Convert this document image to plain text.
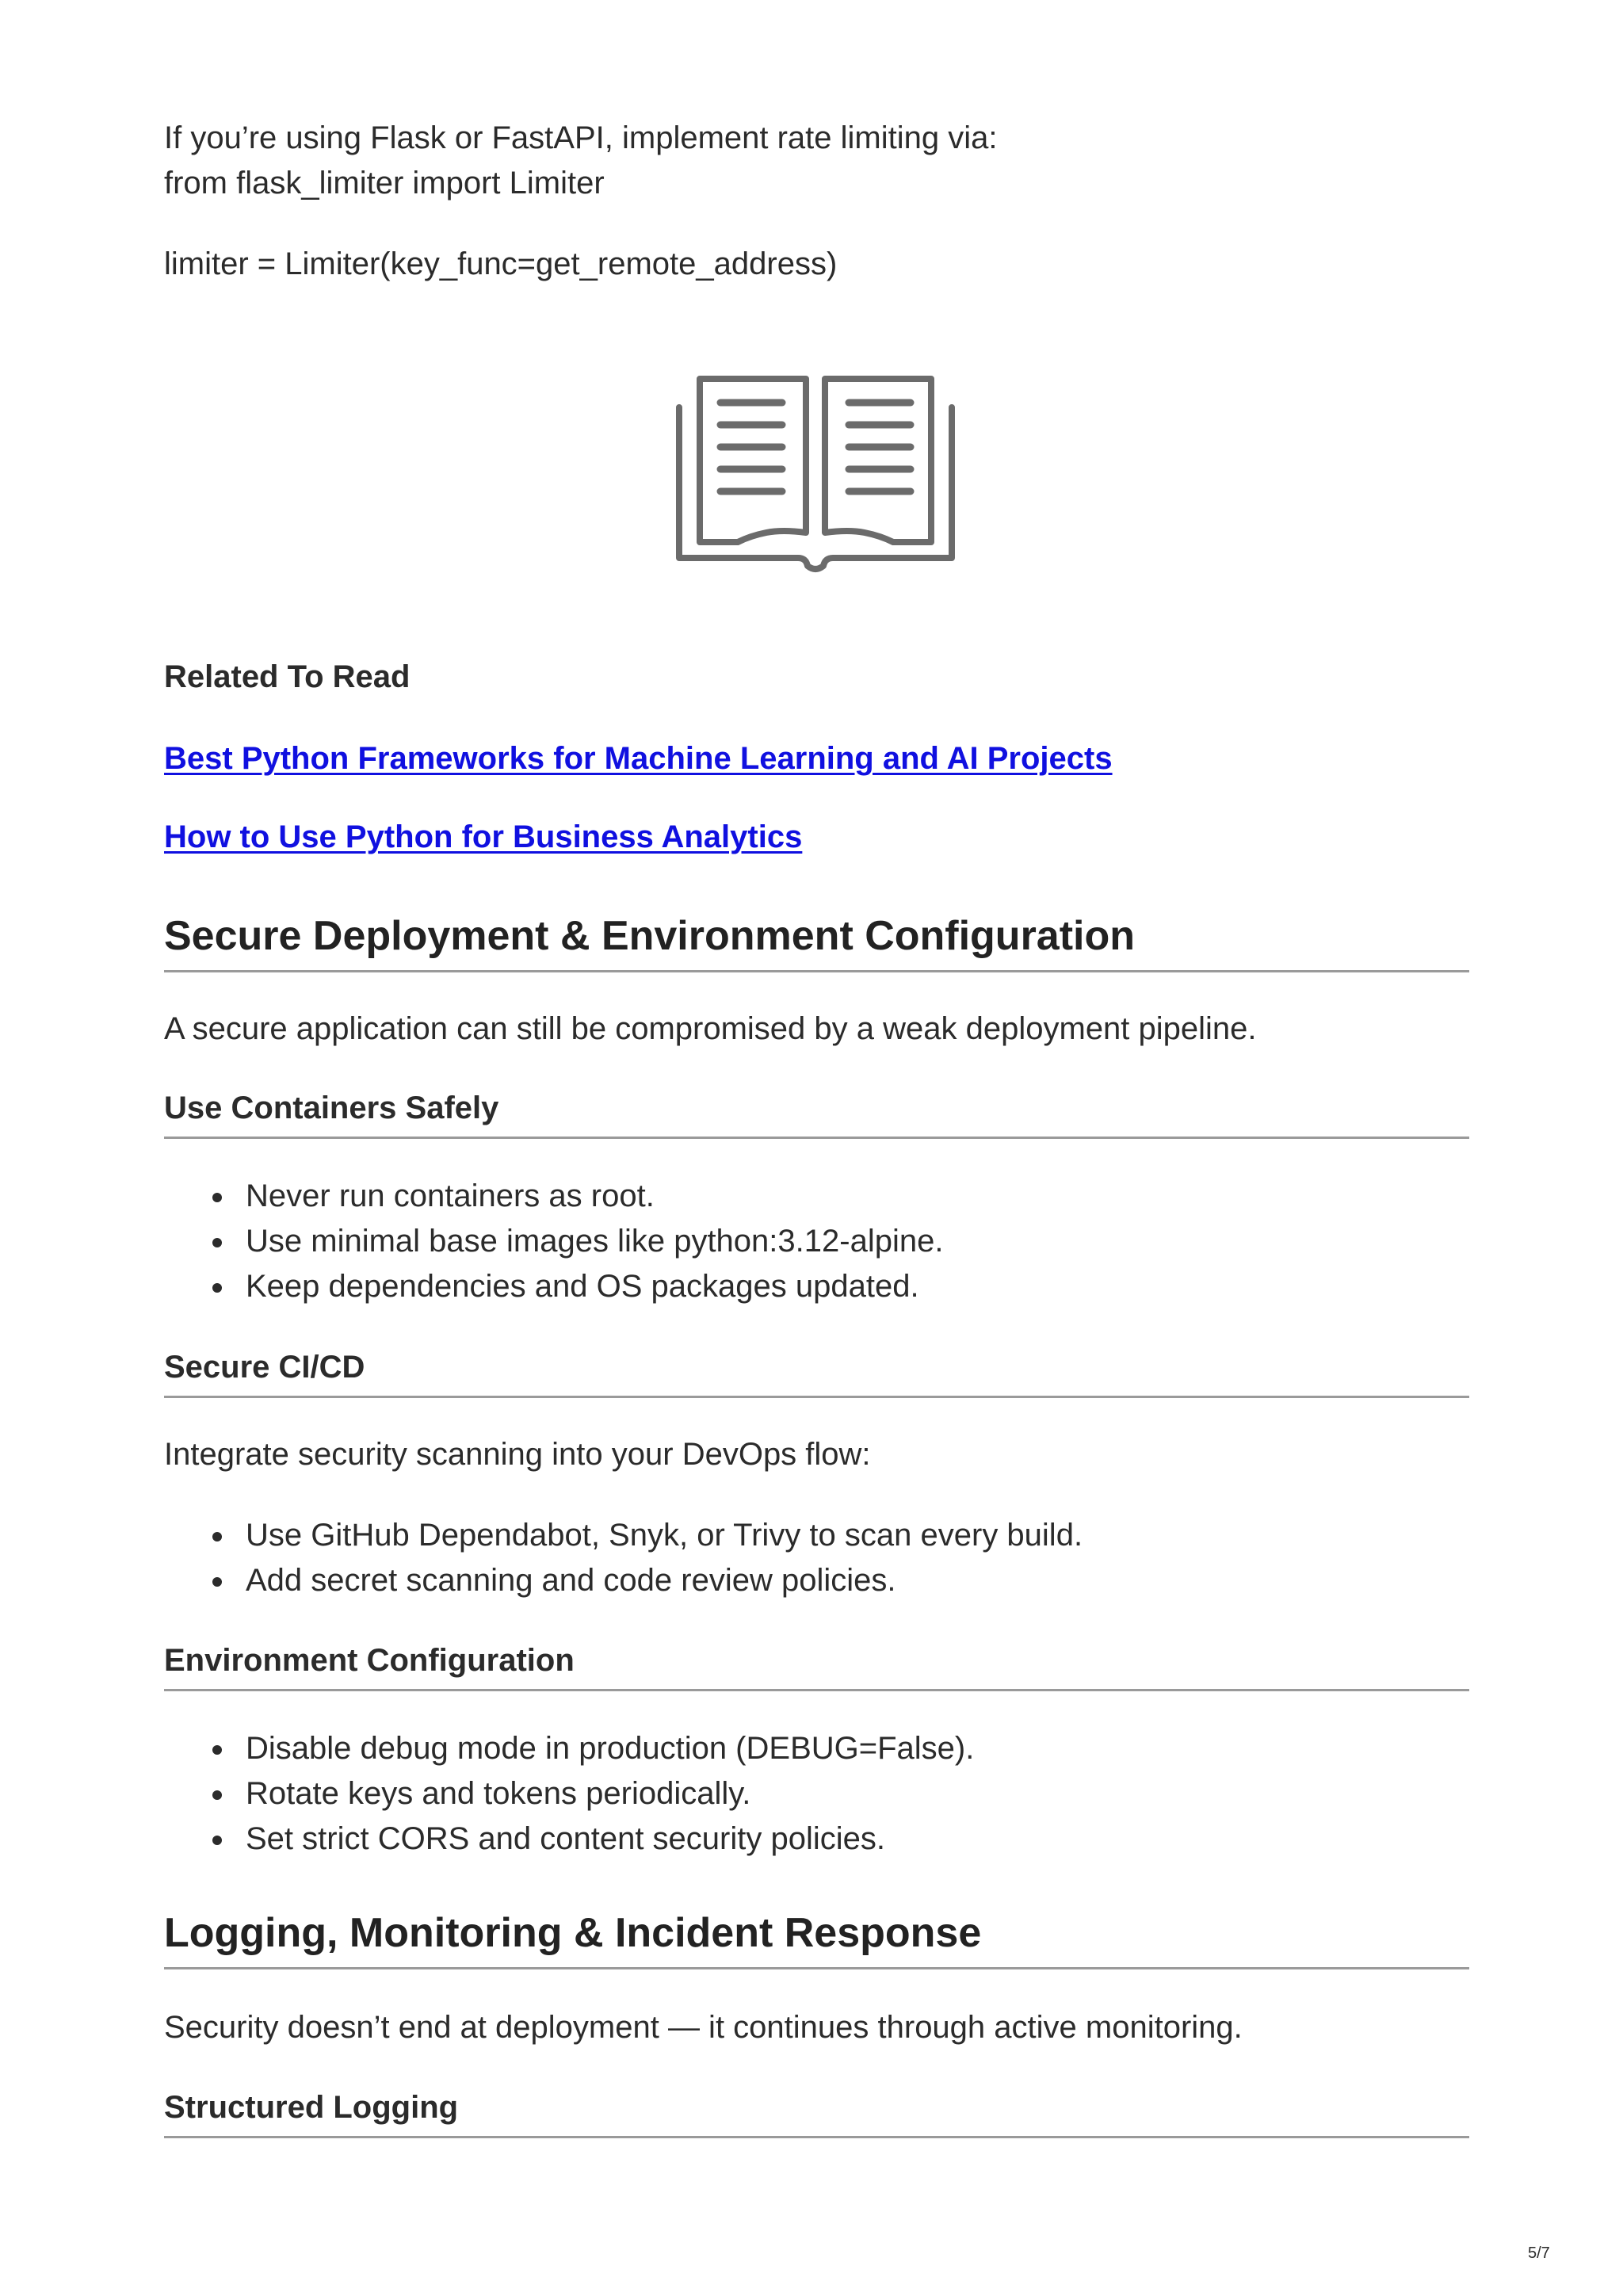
If you’re using Flask or FastAPI, implement rate limiting via:
from flask_limiter import Limiter

limiter = Limiter(key_func=get_remote_address)

Related To Read
Best Python Frameworks for Machine Learning and AI Projects
How to Use Python for Business Analytics
Secure Deployment & Environment Configuration
A secure application can still be compromised by a weak deployment pipeline.
Use Containers Safely
Never run containers as root.
Use minimal base images like python:3.12-alpine.
Keep dependencies and OS packages updated.
Secure CI/CD
Integrate security scanning into your DevOps flow:
Use GitHub Dependabot, Snyk, or Trivy to scan every build.
Add secret scanning and code review policies.
Environment Configuration
Disable debug mode in production (DEBUG=False).
Rotate keys and tokens periodically.
Set strict CORS and content security policies.
Logging, Monitoring & Incident Response
Security doesn’t end at deployment — it continues through active monitoring.
Structured Logging
5/7
